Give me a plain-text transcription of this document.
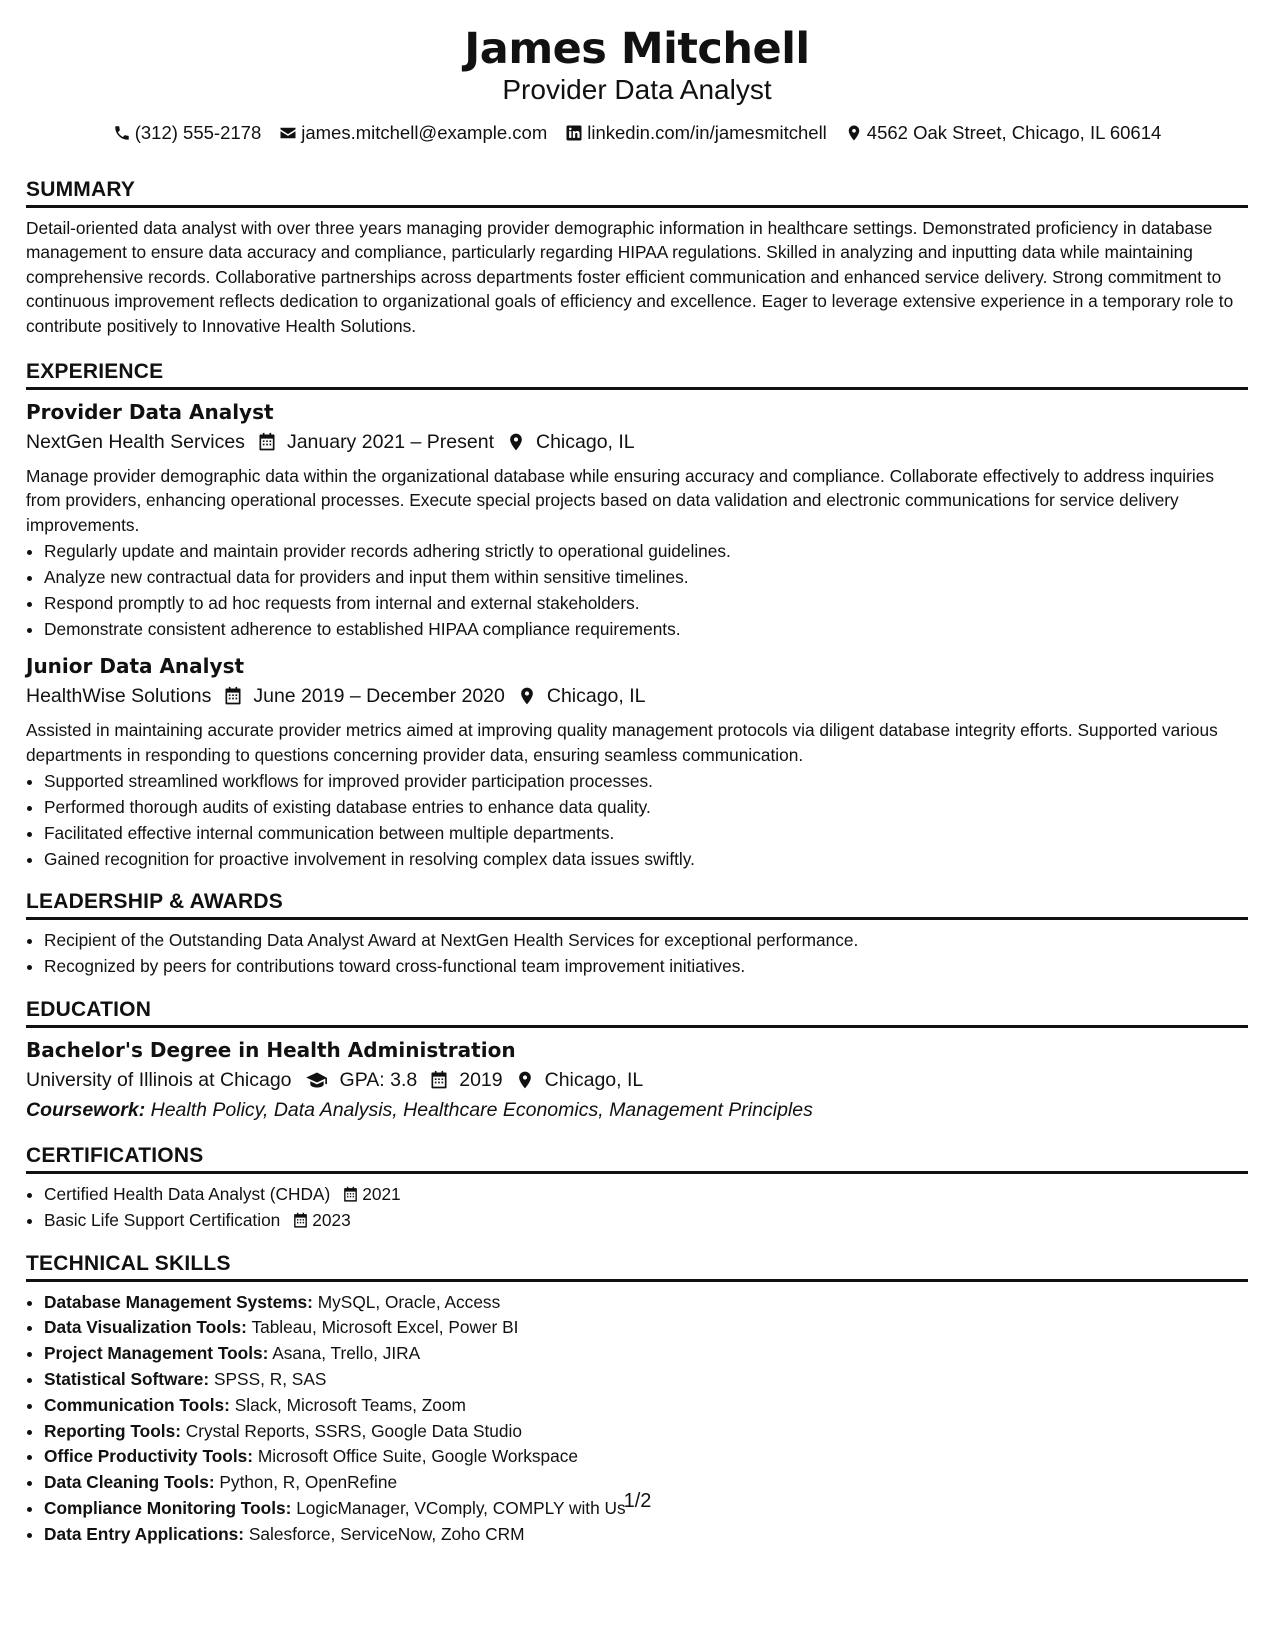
James Mitchell
Provider Data Analyst
(312) 555-2178 james.mitchell@example.com linkedin.com/in/jamesmitchell 4562 Oak Street, Chicago, IL 60614
SUMMARY
Detail-oriented data analyst with over three years managing provider demographic information in healthcare settings. Demonstrated proficiency in database management to ensure data accuracy and compliance, particularly regarding HIPAA regulations. Skilled in analyzing and inputting data while maintaining comprehensive records. Collaborative partnerships across departments foster efficient communication and enhanced service delivery. Strong commitment to continuous improvement reflects dedication to organizational goals of efficiency and excellence. Eager to leverage extensive experience in a temporary role to contribute positively to Innovative Health Solutions.
EXPERIENCE
Provider Data Analyst
NextGen Health Services January 2021 – Present Chicago, IL
Manage provider demographic data within the organizational database while ensuring accuracy and compliance. Collaborate effectively to address inquiries from providers, enhancing operational processes. Execute special projects based on data validation and electronic communications for service delivery improvements.
• Regularly update and maintain provider records adhering strictly to operational guidelines.
• Analyze new contractual data for providers and input them within sensitive timelines.
• Respond promptly to ad hoc requests from internal and external stakeholders.
• Demonstrate consistent adherence to established HIPAA compliance requirements.
Junior Data Analyst
HealthWise Solutions June 2019 – December 2020 Chicago, IL
Assisted in maintaining accurate provider metrics aimed at improving quality management protocols via diligent database integrity efforts. Supported various departments in responding to questions concerning provider data, ensuring seamless communication.
• Supported streamlined workflows for improved provider participation processes.
• Performed thorough audits of existing database entries to enhance data quality.
• Facilitated effective internal communication between multiple departments.
• Gained recognition for proactive involvement in resolving complex data issues swiftly.
LEADERSHIP & AWARDS
• Recipient of the Outstanding Data Analyst Award at NextGen Health Services for exceptional performance.
• Recognized by peers for contributions toward cross-functional team improvement initiatives.
EDUCATION
Bachelor's Degree in Health Administration
University of Illinois at Chicago GPA: 3.8 2019 Chicago, IL
Coursework: Health Policy, Data Analysis, Healthcare Economics, Management Principles
CERTIFICATIONS
• Certified Health Data Analyst (CHDA) 2021
• Basic Life Support Certification 2023
TECHNICAL SKILLS
• Database Management Systems: MySQL, Oracle, Access
• Data Visualization Tools: Tableau, Microsoft Excel, Power BI
• Project Management Tools: Asana, Trello, JIRA
• Statistical Software: SPSS, R, SAS
• Communication Tools: Slack, Microsoft Teams, Zoom
• Reporting Tools: Crystal Reports, SSRS, Google Data Studio
• Office Productivity Tools: Microsoft Office Suite, Google Workspace
• Data Cleaning Tools: Python, R, OpenRefine
• Compliance Monitoring Tools: LogicManager, VComply, COMPLY with Us
• Data Entry Applications: Salesforce, ServiceNow, Zoho CRM
1/2
